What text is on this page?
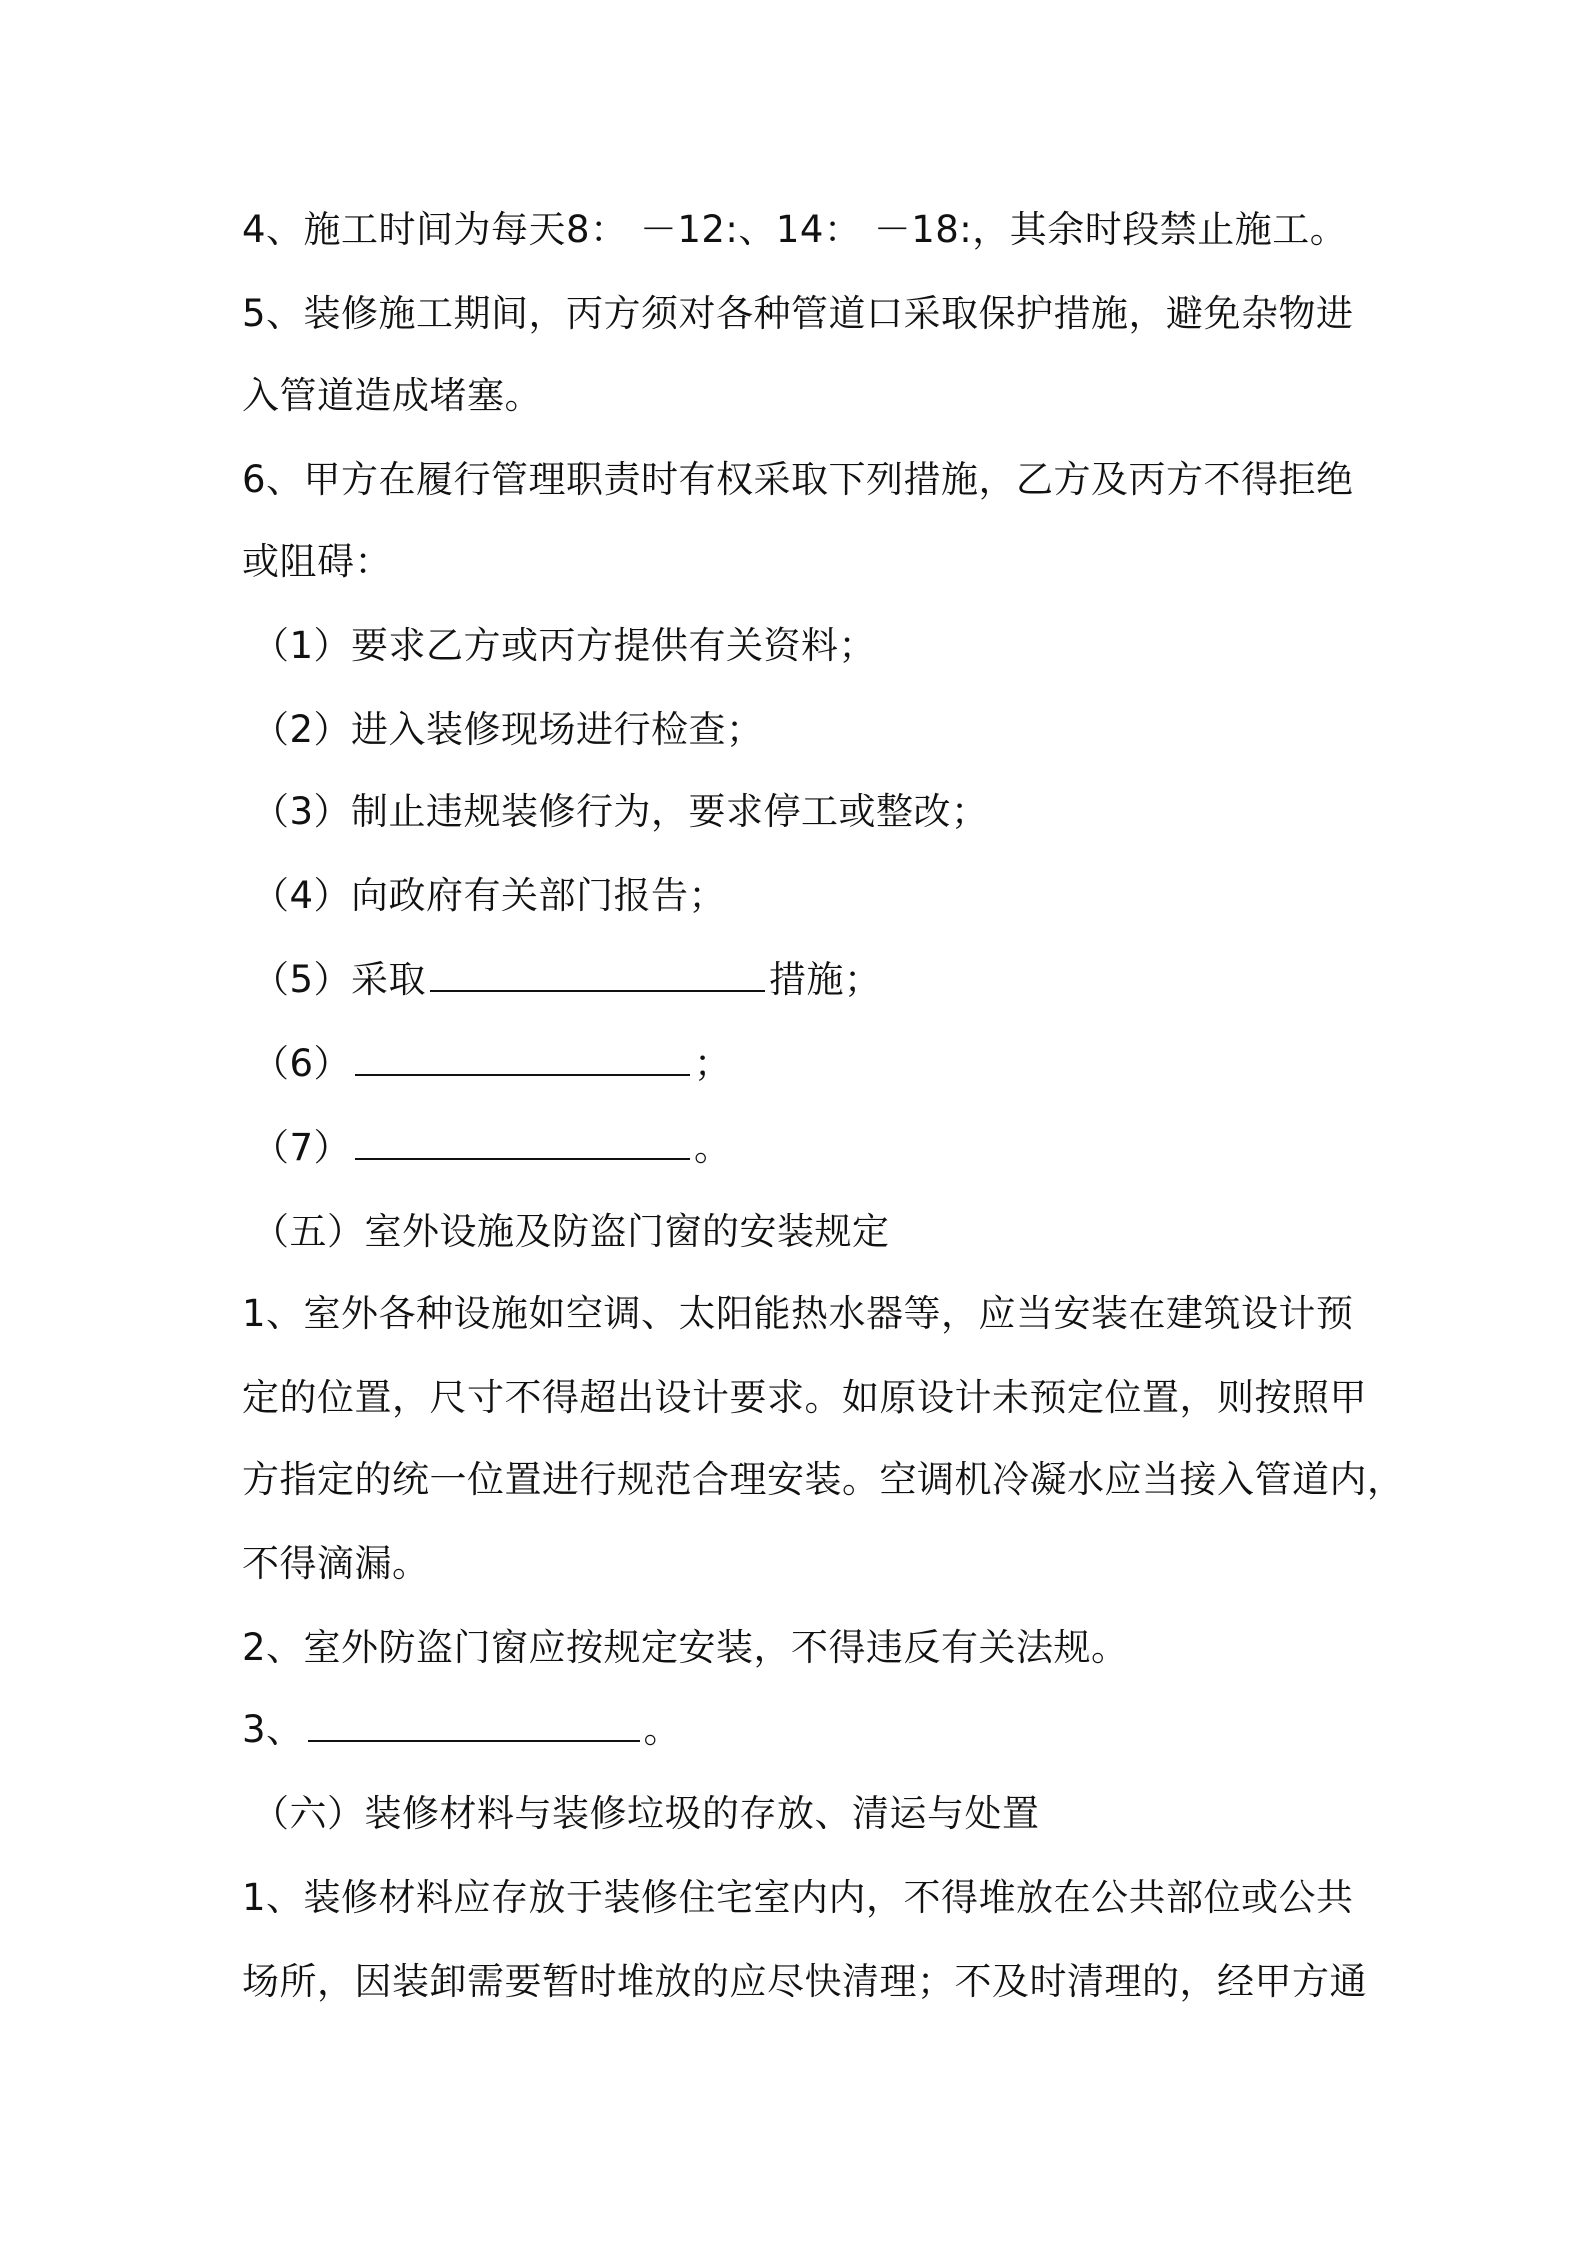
4、施工时间为每天8： －12:、14： －18:，其余时段禁止施工。
5、装修施工期间，丙方须对各种管道口采取保护措施，避免杂物进
入管道造成堵塞。
6、甲方在履行管理职责时有权采取下列措施，乙方及丙方不得拒绝
或阻碍：
（1）要求乙方或丙方提供有关资料；
（2）进入装修现场进行检查；
（3）制止违规装修行为，要求停工或整改；
（4）向政府有关部门报告；
（5）采取	措施；
（6）	；
（7）	。
（五）室外设施及防盗门窗的安装规定
1、室外各种设施如空调、太阳能热水器等，应当安装在建筑设计预
定的位置，尺寸不得超出设计要求。如原设计未预定位置，则按照甲
方指定的统一位置进行规范合理安装。空调机冷凝水应当接入管道内，
不得滴漏。
2、室外防盗门窗应按规定安装，不得违反有关法规。
3、	。
（六）装修材料与装修垃圾的存放、清运与处置
1、装修材料应存放于装修住宅室内内，不得堆放在公共部位或公共
场所，因装卸需要暂时堆放的应尽快清理；不及时清理的，经甲方通
